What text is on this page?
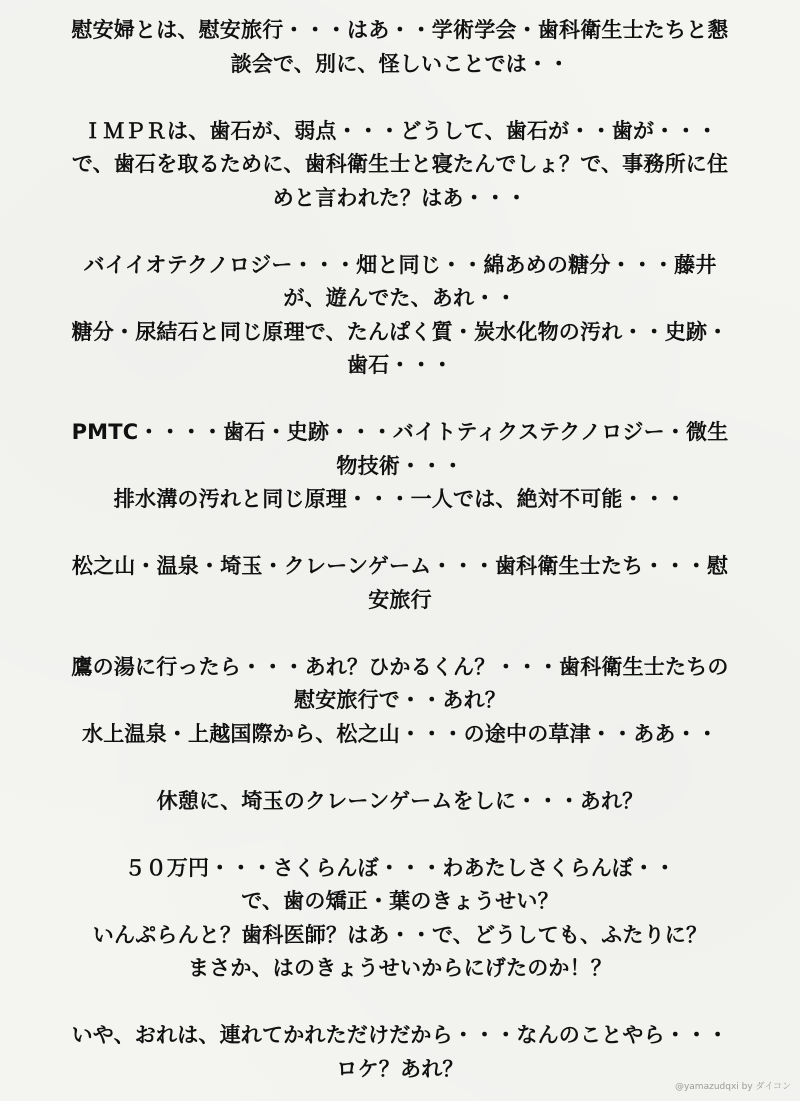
慰安婦とは、慰安旅行・・・はあ・・学術学会・歯科衛生士たちと懇
談会で、別に、怪しいことでは・・
ＩＭＰＲは、歯石が、弱点・・・どうして、歯石が・・歯が・・・
で、歯石を取るために、歯科衛生士と寝たんでしょ？で、事務所に住
めと言われた？はあ・・・
バイイオテクノロジー・・・畑と同じ・・綿あめの糖分・・・藤井
が、遊んでた、あれ・・
糖分・尿結石と同じ原理で、たんぱく質・炭水化物の汚れ・・史跡・
歯石・・・
PMTC・・・・歯石・史跡・・・バイトティクステクノロジー・微生
物技術・・・
排水溝の汚れと同じ原理・・・一人では、絶対不可能・・・
松之山・温泉・埼玉・クレーンゲーム・・・歯科衛生士たち・・・慰
安旅行
鷹の湯に行ったら・・・あれ？ひかるくん？・・・歯科衛生士たちの
慰安旅行で・・あれ？
水上温泉・上越国際から、松之山・・・の途中の草津・・ああ・・
休憩に、埼玉のクレーンゲームをしに・・・あれ？
５０万円・・・さくらんぼ・・・わあたしさくらんぼ・・
で、歯の矯正・葉のきょうせい？
いんぷらんと？歯科医師？はあ・・で、どうしても、ふたりに？
まさか、はのきょうせいからにげたのか！？
いや、おれは、連れてかれただけだから・・・なんのことやら・・・
ロケ？あれ？
@yamazudqxi by ダイコン
